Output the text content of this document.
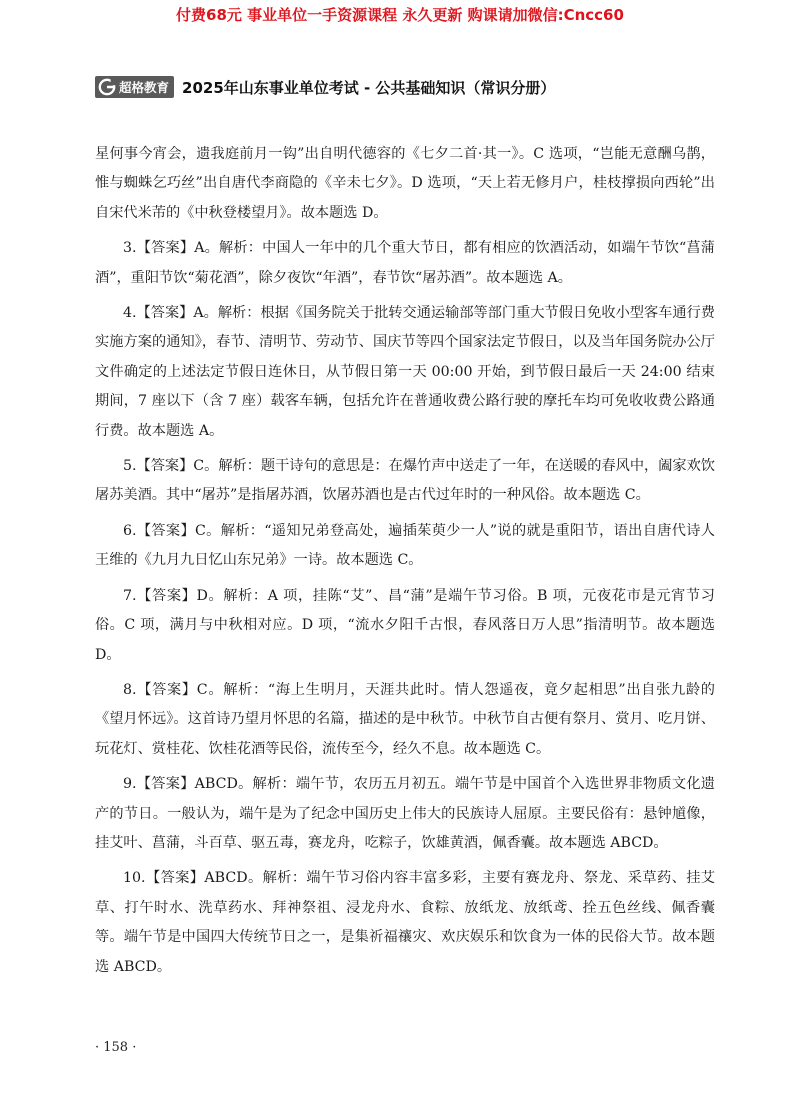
付费68元 事业单位一手资源课程 永久更新 购课请加微信:Cncc60
超格教育 2025年山东事业单位考试 - 公共基础知识（常识分册）

星何事今宵会，遗我庭前月一钩”出自明代德容的《七夕二首·其一》。C 选项，“岂能无意酬乌鹊，惟与蜘蛛乞巧丝”出自唐代李商隐的《辛未七夕》。D 选项，“天上若无修月户，桂枝撑损向西轮”出自宋代米芾的《中秋登楼望月》。故本题选 D。

3.【答案】A。解析：中国人一年中的几个重大节日，都有相应的饮酒活动，如端午节饮“菖蒲酒”，重阳节饮“菊花酒”，除夕夜饮“年酒”，春节饮“屠苏酒”。故本题选 A。

4.【答案】A。解析：根据《国务院关于批转交通运输部等部门重大节假日免收小型客车通行费实施方案的通知》，春节、清明节、劳动节、国庆节等四个国家法定节假日，以及当年国务院办公厅文件确定的上述法定节假日连休日，从节假日第一天 00:00 开始，到节假日最后一天 24:00 结束期间，7 座以下（含 7 座）载客车辆，包括允许在普通收费公路行驶的摩托车均可免收收费公路通行费。故本题选 A。

5.【答案】C。解析：题干诗句的意思是：在爆竹声中送走了一年，在送暖的春风中，阖家欢饮屠苏美酒。其中“屠苏”是指屠苏酒，饮屠苏酒也是古代过年时的一种风俗。故本题选 C。

6.【答案】C。解析：“遥知兄弟登高处，遍插茱萸少一人”说的就是重阳节，语出自唐代诗人王维的《九月九日忆山东兄弟》一诗。故本题选 C。

7.【答案】D。解析：A 项，挂陈“艾”、昌“蒲”是端午节习俗。B 项，元夜花市是元宵节习俗。C 项，满月与中秋相对应。D 项，“流水夕阳千古恨，春风落日万人思”指清明节。故本题选 D。

8.【答案】C。解析：“海上生明月，天涯共此时。情人怨遥夜，竟夕起相思”出自张九龄的《望月怀远》。这首诗乃望月怀思的名篇，描述的是中秋节。中秋节自古便有祭月、赏月、吃月饼、玩花灯、赏桂花、饮桂花酒等民俗，流传至今，经久不息。故本题选 C。

9.【答案】ABCD。解析：端午节，农历五月初五。端午节是中国首个入选世界非物质文化遗产的节日。一般认为，端午是为了纪念中国历史上伟大的民族诗人屈原。主要民俗有：悬钟馗像，挂艾叶、菖蒲，斗百草、驱五毒，赛龙舟，吃粽子，饮雄黄酒，佩香囊。故本题选 ABCD。

10.【答案】ABCD。解析：端午节习俗内容丰富多彩，主要有赛龙舟、祭龙、采草药、挂艾草、打午时水、洗草药水、拜神祭祖、浸龙舟水、食粽、放纸龙、放纸鸢、拴五色丝线、佩香囊等。端午节是中国四大传统节日之一，是集祈福禳灾、欢庆娱乐和饮食为一体的民俗大节。故本题选 ABCD。

· 158 ·
